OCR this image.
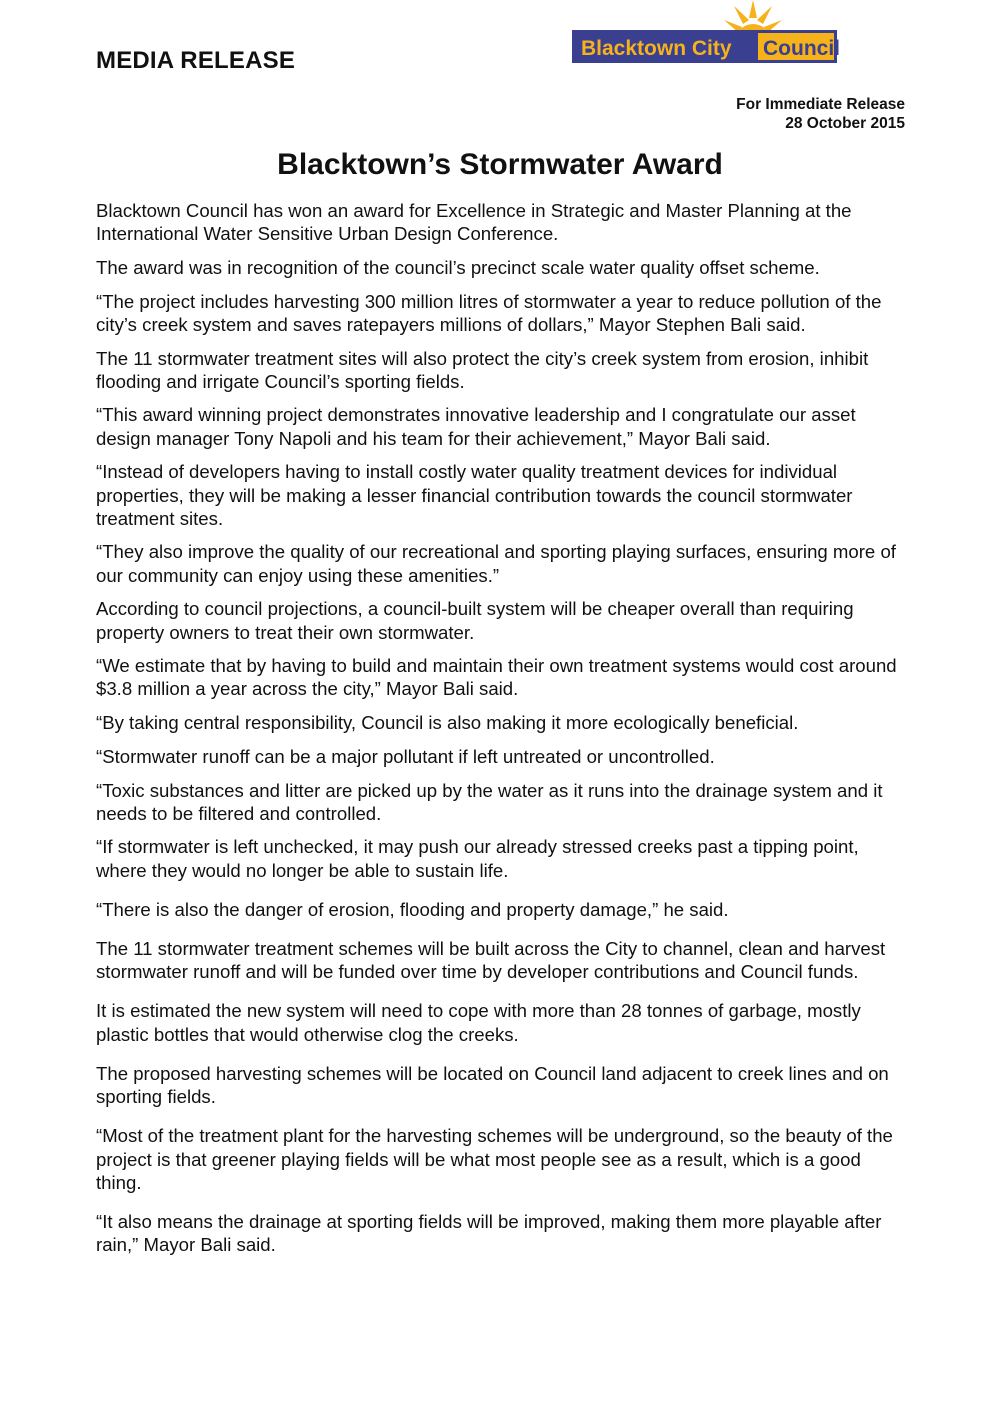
MEDIA RELEASE	Blacktown City Council
For Immediate Release
28 October 2015
Blacktown’s Stormwater Award

Blacktown Council has won an award for Excellence in Strategic and Master Planning at the International Water Sensitive Urban Design Conference.

The award was in recognition of the council’s precinct scale water quality offset scheme.

“The project includes harvesting 300 million litres of stormwater a year to reduce pollution of the city’s creek system and saves ratepayers millions of dollars,” Mayor Stephen Bali said.

The 11 stormwater treatment sites will also protect the city’s creek system from erosion, inhibit flooding and irrigate Council’s sporting fields.

“This award winning project demonstrates innovative leadership and I congratulate our asset design manager Tony Napoli and his team for their achievement,” Mayor Bali said.

“Instead of developers having to install costly water quality treatment devices for individual properties, they will be making a lesser financial contribution towards the council stormwater treatment sites.

“They also improve the quality of our recreational and sporting playing surfaces, ensuring more of our community can enjoy using these amenities.”

According to council projections, a council-built system will be cheaper overall than requiring property owners to treat their own stormwater.

“We estimate that by having to build and maintain their own treatment systems would cost around $3.8 million a year across the city,” Mayor Bali said.

“By taking central responsibility, Council is also making it more ecologically beneficial.

“Stormwater runoff can be a major pollutant if left untreated or uncontrolled.

“Toxic substances and litter are picked up by the water as it runs into the drainage system and it needs to be filtered and controlled.

“If stormwater is left unchecked, it may push our already stressed creeks past a tipping point, where they would no longer be able to sustain life.

“There is also the danger of erosion, flooding and property damage,” he said.

The 11 stormwater treatment schemes will be built across the City to channel, clean and harvest stormwater runoff and will be funded over time by developer contributions and Council funds.

It is estimated the new system will need to cope with more than 28 tonnes of garbage, mostly plastic bottles that would otherwise clog the creeks.

The proposed harvesting schemes will be located on Council land adjacent to creek lines and on sporting fields.

“Most of the treatment plant for the harvesting schemes will be underground, so the beauty of the project is that greener playing fields will be what most people see as a result, which is a good thing.

“It also means the drainage at sporting fields will be improved, making them more playable after rain,” Mayor Bali said.
